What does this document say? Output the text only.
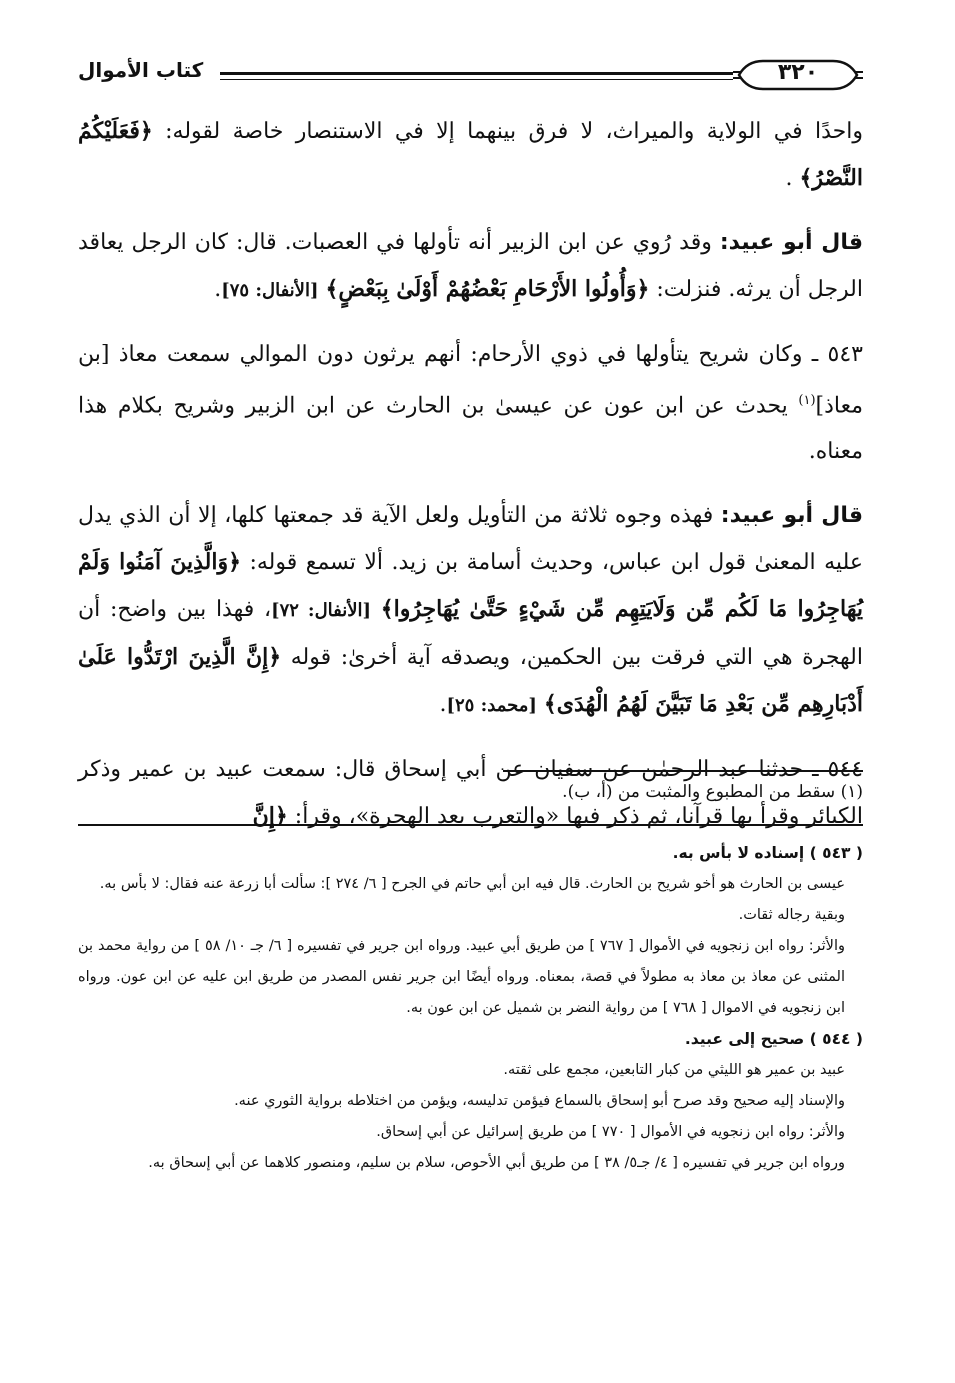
٣٢٠
كتاب الأموال

واحدًا في الولاية والميراث، لا فرق بينهما إلا في الاستنصار خاصة لقوله: ﴿فَعَلَيْكُمُ النَّصْرُ﴾ .

قال أبو عبيد: وقد رُوي عن ابن الزبير أنه تأولها في العصبات. قال: كان الرجل يعاقد الرجل أن يرثه. فنزلت: ﴿وَأُولُوا الأَرْحَامِ بَعْضُهُمْ أَوْلَىٰ بِبَعْضٍ﴾ [الأنفال: ٧٥].

٥٤٣ ـ وكان شريح يتأولها في ذوي الأرحام: أنهم يرثون دون الموالي سمعت معاذ [بن معاذ]$^{(١)}$ يحدث عن ابن عون عن عيسىٰ بن الحارث عن ابن الزبير وشريح بكلام هذا معناه.

قال أبو عبيد: فهذه وجوه ثلاثة من التأويل ولعل الآية قد جمعتها كلها، إلا أن الذي يدل عليه المعنىٰ قول ابن عباس، وحديث أسامة بن زيد. ألا تسمع قوله: ﴿وَالَّذِينَ آمَنُوا وَلَمْ يُهَاجِرُوا مَا لَكُم مِّن وَلَايَتِهِم مِّن شَيْءٍ حَتَّىٰ يُهَاجِرُوا﴾ [الأنفال: ٧٢]، فهذا بين واضح: أن الهجرة هي التي فرقت بين الحكمين، ويصدقه آية أخرىٰ: قوله ﴿إِنَّ الَّذِينَ ارْتَدُّوا عَلَىٰ أَدْبَارِهِم مِّن بَعْدِ مَا تَبَيَّنَ لَهُمُ الْهُدَى﴾ [محمد: ٢٥].

٥٤٤ ـ حدثنا عبد الرحمٰن عن سفيان عن أبي إسحاق قال: سمعت عبيد بن عمير وذكر الكبائر وقرأ بها قرآنا، ثم ذكر فيها «والتعرب بعد الهجرة»، وقرأ: ﴿إِنَّ

(١) سقط من المطبوع والمثبت من (أ، ب).

( ٥٤٣ ) إسناده لا بأس به.

عيسى بن الحارث هو أخو شريح بن الحارث. قال فيه ابن أبي حاتم في الجرح [ ٦/ ٢٧٤ ]: سألت أبا زرعة عنه فقال: لا بأس به.

وبقية رجاله ثقات.

والأثر: رواه ابن زنجويه في الأموال [ ٧٦٧ ] من طريق أبي عبيد. ورواه ابن جرير في تفسيره [ ٦/ جـ ١٠/ ٥٨ ] من رواية محمد بن المثنى عن معاذ بن معاذ به مطولاً في قصة، بمعناه. ورواه أيضًا ابن جرير نفس المصدر من طريق ابن عليه عن ابن عون. ورواه ابن زنجويه في الاموال [ ٧٦٨ ] من رواية النضر بن شميل عن ابن عون به.

( ٥٤٤ ) صحيح إلى عبيد.

عبيد بن عمير هو الليثي من كبار التابعين، مجمع على ثقته.

والإسناد إليه صحيح وقد صرح أبو إسحاق بالسماع فيؤمن تدليسه، ويؤمن من اختلاطه برواية الثوري عنه.

والأثر: رواه ابن زنجويه في الأموال [ ٧٧٠ ] من طريق إسرائيل عن أبي إسحاق.

ورواه ابن جرير في تفسيره [ ٤/ جـ٥/ ٣٨ ] من طريق أبي الأحوص، سلام بن سليم، ومنصور كلاهما عن أبي إسحاق به.
